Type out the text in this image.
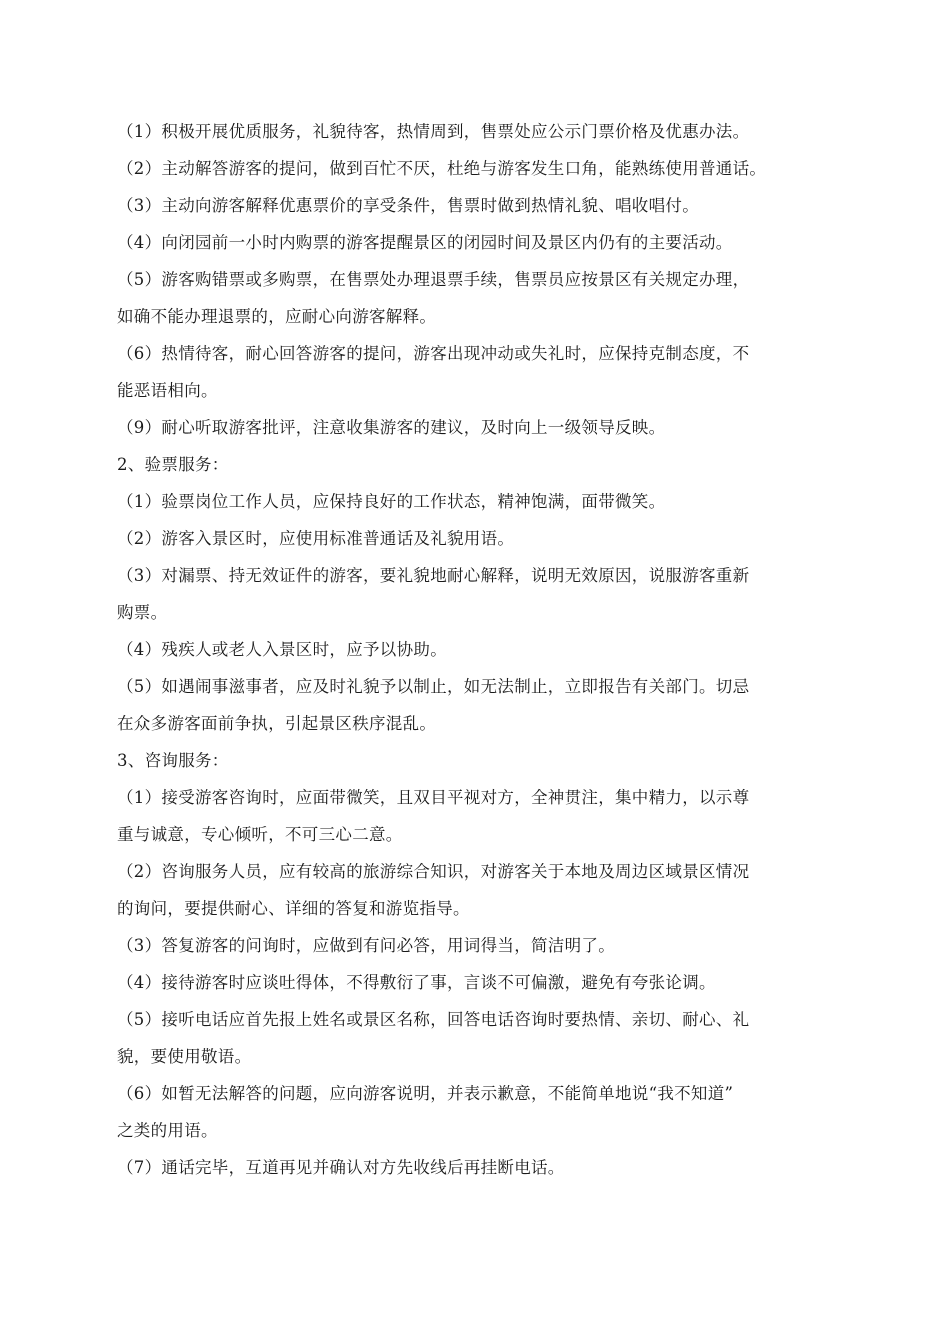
（1）积极开展优质服务，礼貌待客，热情周到，售票处应公示门票价格及优惠办法。
（2）主动解答游客的提问，做到百忙不厌，杜绝与游客发生口角，能熟练使用普通话。
（3）主动向游客解释优惠票价的享受条件，售票时做到热情礼貌、唱收唱付。
（4）向闭园前一小时内购票的游客提醒景区的闭园时间及景区内仍有的主要活动。
（5）游客购错票或多购票，在售票处办理退票手续，售票员应按景区有关规定办理，
如确不能办理退票的，应耐心向游客解释。
（6）热情待客，耐心回答游客的提问，游客出现冲动或失礼时，应保持克制态度，不
能恶语相向。
（9）耐心听取游客批评，注意收集游客的建议，及时向上一级领导反映。
2、验票服务：
（1）验票岗位工作人员，应保持良好的工作状态，精神饱满，面带微笑。
（2）游客入景区时，应使用标准普通话及礼貌用语。
（3）对漏票、持无效证件的游客，要礼貌地耐心解释，说明无效原因，说服游客重新
购票。
（4）残疾人或老人入景区时，应予以协助。
（5）如遇闹事滋事者，应及时礼貌予以制止，如无法制止，立即报告有关部门。切忌
在众多游客面前争执，引起景区秩序混乱。
3、咨询服务：
（1）接受游客咨询时，应面带微笑，且双目平视对方，全神贯注，集中精力，以示尊
重与诚意，专心倾听，不可三心二意。
（2）咨询服务人员，应有较高的旅游综合知识，对游客关于本地及周边区域景区情况
的询问，要提供耐心、详细的答复和游览指导。
（3）答复游客的问询时，应做到有问必答，用词得当，简洁明了。
（4）接待游客时应谈吐得体，不得敷衍了事，言谈不可偏激，避免有夸张论调。
（5）接听电话应首先报上姓名或景区名称，回答电话咨询时要热情、亲切、耐心、礼
貌，要使用敬语。
（6）如暂无法解答的问题，应向游客说明，并表示歉意，不能简单地说“我不知道”
之类的用语。
（7）通话完毕，互道再见并确认对方先收线后再挂断电话。
